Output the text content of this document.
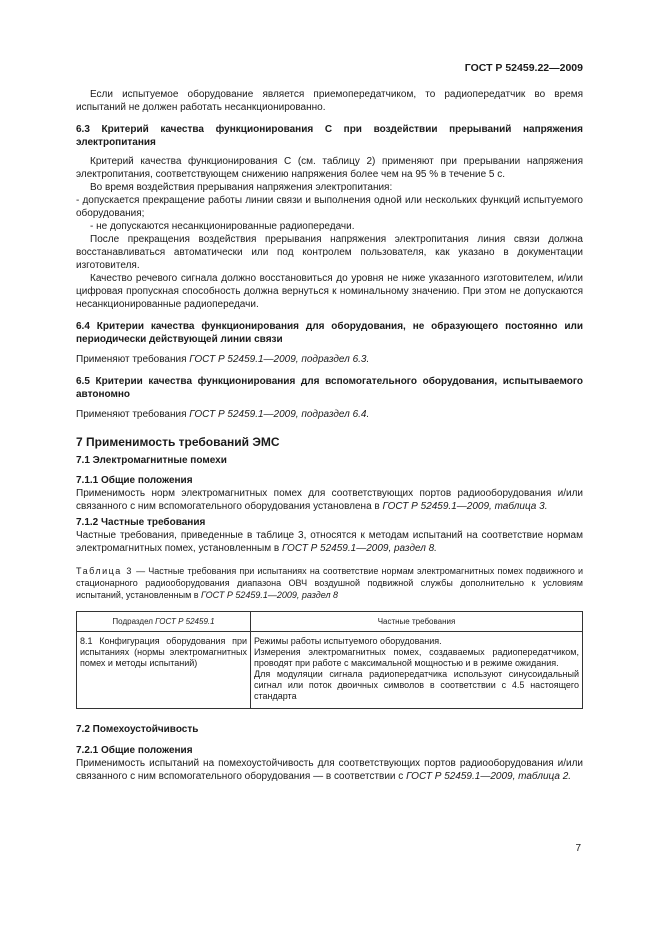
ГОСТ Р 52459.22—2009

Если испытуемое оборудование является приемопередатчиком, то радиопередатчик во время испытаний не должен работать несанкционированно.

6.3 Критерий качества функционирования С при воздействии прерываний напряжения электропитания

Критерий качества функционирования С (см. таблицу 2) применяют при прерывании напряжения электропитания, соответствующем снижению напряжения более чем на 95 % в течение 5 с.

Во время воздействия прерывания напряжения электропитания:

- допускается прекращение работы линии связи и выполнения одной или нескольких функций испытуемого оборудования;

- не допускаются несанкционированные радиопередачи.

После прекращения воздействия прерывания напряжения электропитания линия связи должна восстанавливаться автоматически или под контролем пользователя, как указано в документации изготовителя.

Качество речевого сигнала должно восстановиться до уровня не ниже указанного изготовителем, и/или цифровая пропускная способность должна вернуться к номинальному значению. При этом не допускаются несанкционированные радиопередачи.

6.4 Критерии качества функционирования для оборудования, не образующего постоянно или периодически действующей линии связи

Применяют требования ГОСТ Р 52459.1—2009, подраздел 6.3.

6.5 Критерии качества функционирования для вспомогательного оборудования, испытываемого автономно

Применяют требования ГОСТ Р 52459.1—2009, подраздел 6.4.

7 Применимость требований ЭМС

7.1 Электромагнитные помехи

7.1.1 Общие положения

Применимость норм электромагнитных помех для соответствующих портов радиооборудования и/или связанного с ним вспомогательного оборудования установлена в ГОСТ Р 52459.1—2009, таблица 3.

7.1.2 Частные требования

Частные требования, приведенные в таблице 3, относятся к методам испытаний на соответствие нормам электромагнитных помех, установленным в ГОСТ Р 52459.1—2009, раздел 8.

Таблица 3 — Частные требования при испытаниях на соответствие нормам электромагнитных помех подвижного и стационарного радиооборудования диапазона ОВЧ воздушной подвижной службы дополнительно к условиям испытаний, установленным в ГОСТ Р 52459.1—2009, раздел 8

Подраздел ГОСТ Р 52459.1	Частные требования
8.1 Конфигурация оборудования при испытаниях (нормы электромагнитных помех и методы испытаний)	Режимы работы испытуемого оборудования.
Измерения электромагнитных помех, создаваемых радиопередатчиком, проводят при работе с максимальной мощностью и в режиме ожидания.
Для модуляции сигнала радиопередатчика используют синусоидальный сигнал или поток двоичных символов в соответствии с 4.5 настоящего стандарта

7.2 Помехоустойчивость

7.2.1 Общие положения

Применимость испытаний на помехоустойчивость для соответствующих портов радиооборудования и/или связанного с ним вспомогательного оборудования — в соответствии с ГОСТ Р 52459.1—2009, таблица 2.

7
